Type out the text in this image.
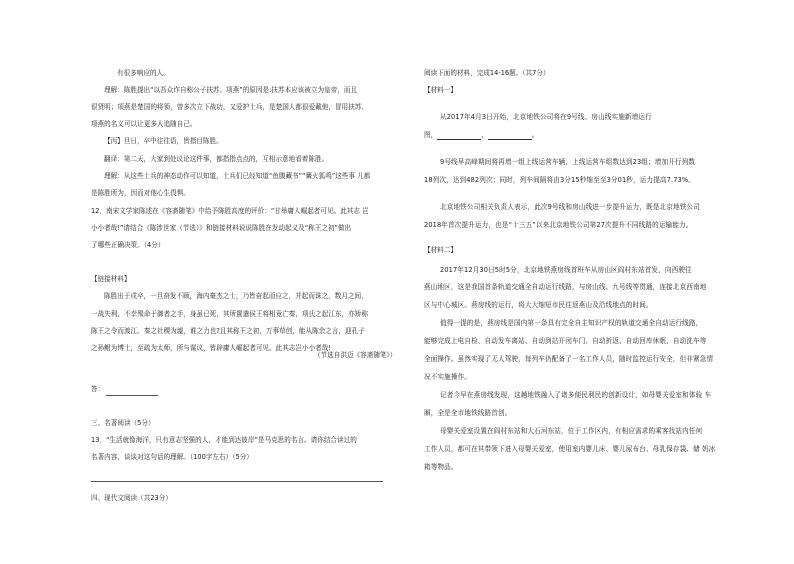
有很多响应的人。
理解：陈胜提出“以吾众诈自称公子扶苏、项燕”的原因是:扶苏本应该被立为皇帝，而且
很贤明；项燕是楚国的将领，曾多次立下战功，又爱护士兵，是楚国人都很爱戴他，冒用扶苏、
项燕的名义可以让更多人追随自己。
【丙】旦日，卒中往往语，皆指目陈胜。
翻译：第二天，大家到处议论这件事，都指指点点的，互相示意地看着陈胜。
理解：从这些士兵的神态动作可以知道，士兵们已经知道“鱼腹藏书”“篝火狐鸣”这些事 儿都
是陈胜所为，因而对他心生畏惧。
12．南宋文学家陈述在《容斋随笔》中给予陈胜高度的评价：“甘举庸人崛起者可见。此其志 岂
小小者哉!”请结合《陈涉世家（节选）》和链接材料说说陈胜在发动起义及“称王之初”做出
了哪些正确决策。（4分）
【链接材料】
陈胜出于戍卒，一旦奋发不顾，海内豪杰之士，乃皆奋起而应之，并起而诛之，数月之间，
一战失利，不幸殒命于御者之手，身虽已死，其所置遣侯王将相竟亡秦，项氏之起江东，亦矫称
陈王之令而渡江。秦之社稷为墟，谁之力也?且其称王之初，万事草创，能从陈余之言，迎孔子
之孙鲋为博士，至疏为太师，所与谋议，皆辟庸人崛起者可见。此其志岂小小者哉!
（节选自洪迈《容斋随笔》）
答：
三、名著阅读（5分）
13．“生活就像海洋，只有意志坚强的人，才能到达彼岸”是马克思的名言。请你结合读过的
名著内容，谈谈对这句话的理解。（100字左右）（5分）
四、现代文阅读（共23分）
阅读下面的材料，完成14-16题。（共7分）
【材料一】
从2017年4月3日开始，北京地铁公司将在9号线、房山线实施新增运行
图，	、	。
9号线早高峰期间将再增一组上线运营车辆，上线运营车组数达到23组；增加开行列数
18列次，达到482列次；同时，列车间隔将由3分15秒缩至至3分01秒，运力提高7.73%。
北京地铁公司相关负责人表示，此次9号线和房山线进一步提升运力，既是北京地铁公司
2018年首次提升运力，也是“十三五”以来北京地铁公司第27次提升不同线路的运输能力。
【材料二】
2017年12月30日5时5分，北京地铁燕房线首班车从房山区阎村东站首发，向西驶往
燕山地区，这是我国首条轨道交通全自动运行线路，与房山线、九号线等贯通，连接北京西南地
区与中心城区。燕房线的运行，将大大缩短市民往返燕山及沿线地点的时间。
值得一提的是，燕房线是国内第一条具有完全自主知识产权的轨道交通全自动运行线路，
能够完成上电自检、自动发车离站、自动到站开闭车门、自动折返、自动回库休眠、自动洗车等
全面操作。虽然实现了无人驾驶，每列车仍配备了一名工作人员，随时监控运行安全，但非紧急情
况不实施操作。
记者今早在燕房线发现，这趟地铁融入了诸多便民利民的创新设计，如母婴关爱室和体验 车
厢，全是全市地铁线路首创。
母婴关爱室设置在阎村东站和大石河东站，位于工作区内，有相应需求的乘客找站内任何
工作人员，都可在其带领下进入母婴关爱室，使用室内婴儿床、婴儿尿布台、母乳保存袋、储 奶冰
箱等物品。
